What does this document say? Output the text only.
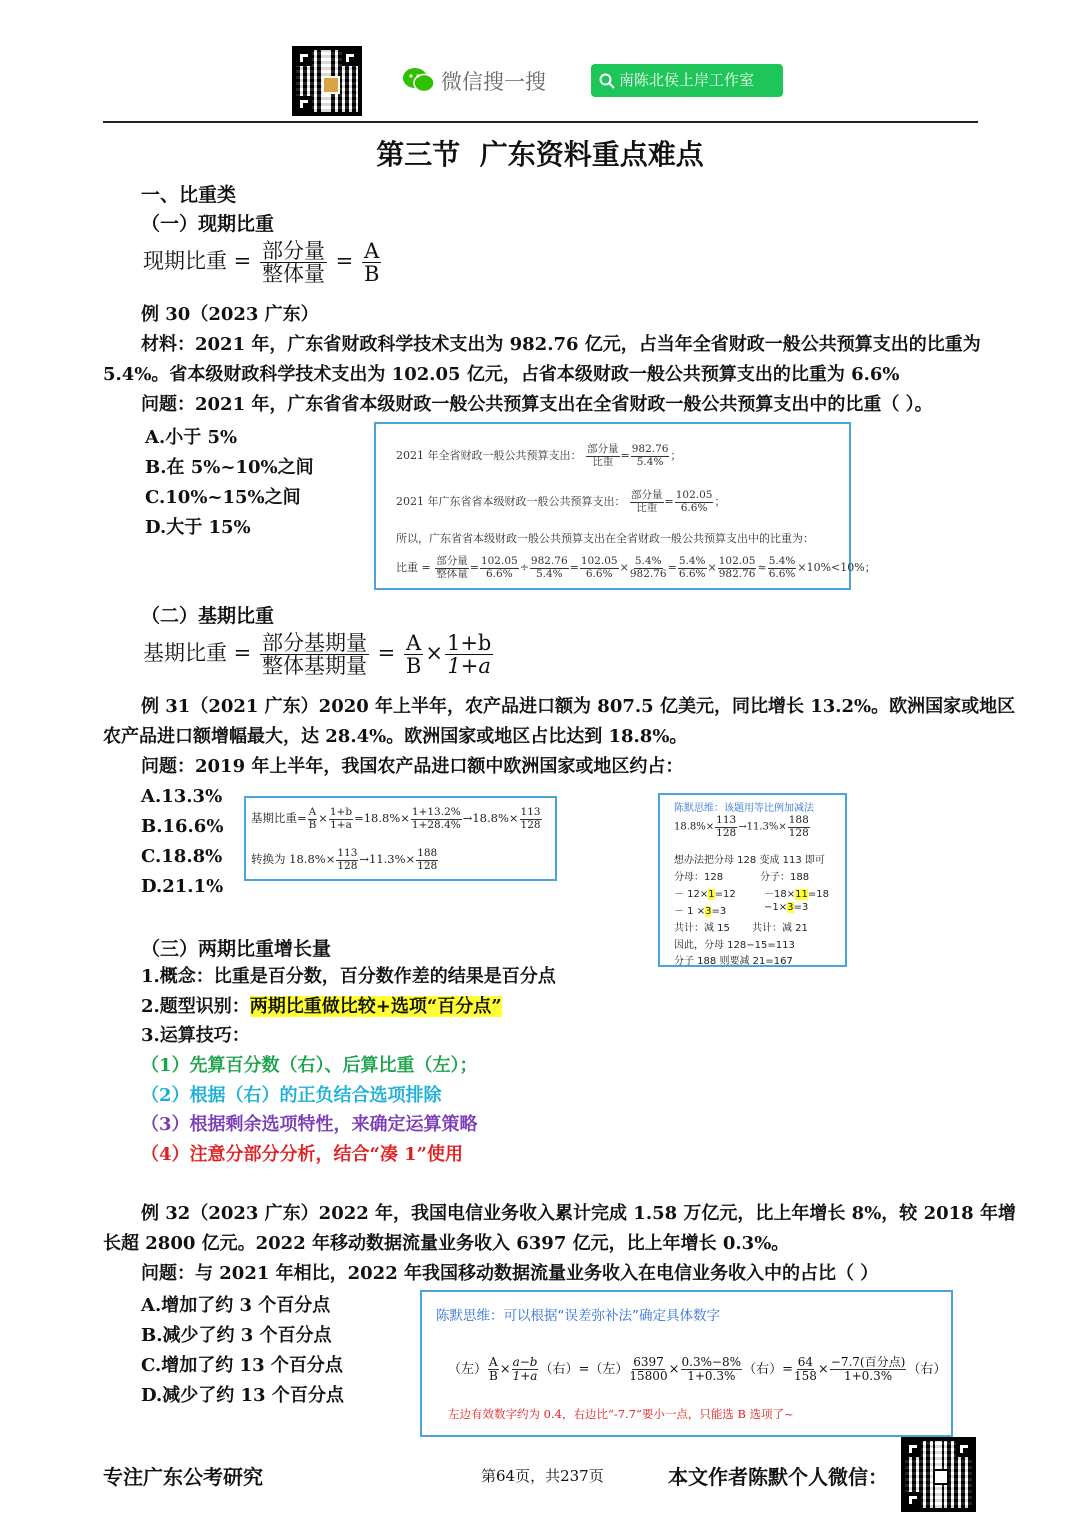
微信搜一搜	南陈北侯上岸工作室
第三节  广东资料重点难点
一、比重类
（一）现期比重
现期比重 = $\frac{\text{部分量}}{\text{整体量}} = \frac{A}{B}$
例 30（2023 广东）
材料：2021 年，广东省财政科学技术支出为 982.76 亿元，占当年全省财政一般公共预算支出的比重为
5.4%。省本级财政科学技术支出为 102.05 亿元，占省本级财政一般公共预算支出的比重为 6.6%
问题：2021 年，广东省省本级财政一般公共预算支出在全省财政一般公共预算支出中的比重（ ）。
A.小于 5%
B.在 5%~10%之间
C.10%~15%之间
D.大于 15%
2021 年全省财政一般公共预算支出：
部分量
比重 = $\frac{982.76}{5.4\%}$ ；
2021 年广东省省本级财政一般公共预算支出：
部分量
比重 = $\frac{102.05}{6.6\%}$ ；
所以，广东省省本级财政一般公共预算支出在全省财政一般公共预算支出中的比重为：
比重 =
部分量
整体量 = $\frac{102.05}{6.6\%} \div \frac{982.76}{5.4\%} = \frac{102.05}{6.6\%} \times \frac{5.4\%}{982.76} = \frac{5.4\%}{6.6\%} \times \frac{102.05}{982.76} \approx \frac{5.4\%}{6.6\%} \times 10\%<10\%$；
（二）基期比重
基期比重 = $\frac{\text{部分基期量}}{\text{整体基期量}} = \frac{A}{B} \times \frac{1+b}{1+a}$
例 31（2021 广东）2020 年上半年，农产品进口额为 807.5 亿美元，同比增长 13.2%。欧洲国家或地区
农产品进口额增幅最大，达 28.4%。欧洲国家或地区占比达到 18.8%。
问题：2019 年上半年，我国农产品进口额中欧洲国家或地区约占：
A.13.3%
B.16.6%
C.18.8%
D.21.1%
基期比重= $\frac{A}{B} \times \frac{1+b}{1+a} =18.8\%\times \frac{1+13.2\%}{1+28.4\%} \to 18.8\%\times \frac{113}{128}$
转换为 $18.8\%\times \frac{113}{128} \to 11.3\%\times \frac{188}{128}$
陈默思维：该题用等比例加减法
$18.8\%\times \frac{113}{128} \to 11.3\%\times \frac{188}{128}$
想办法把分母 128 变成 113 即可
分母：128	分子：188
－ 12×1=12	－18×11=18
－ 1 ×3=3	−1×3=3
共计：减 15 共计：减 21
因此，分母 128−15=113
分子 188 则要减 21=167
（三）两期比重增长量
1.概念：比重是百分数，百分数作差的结果是百分点
2.题型识别：两期比重做比较+选项“百分点”
3.运算技巧：
（1）先算百分数（右）、后算比重（左）；
（2）根据（右）的正负结合选项排除
（3）根据剩余选项特性，来确定运算策略
（4）注意分部分分析，结合“凑 1”使用
例 32（2023 广东）2022 年，我国电信业务收入累计完成 1.58 万亿元，比上年增长 8%，较 2018 年增
长超 2800 亿元。2022 年移动数据流量业务收入 6397 亿元，比上年增长 0.3%。
问题：与 2021 年相比，2022 年我国移动数据流量业务收入在电信业务收入中的占比（ ）
A.增加了约 3 个百分点
B.减少了约 3 个百分点
C.增加了约 13 个百分点
D.减少了约 13 个百分点
陈默思维：可以根据“误差弥补法”确定具体数字
（左） $\frac{A}{B} \times \frac{a-b}{1+a}$ （右）=（左） $\frac{6397}{15800} \times \frac{0.3\%-8\%}{1+0.3\%}$ （右）= $\frac{64}{158}$ ×
−7.7(百分点)
1+0.3% （右）
左边有效数字约为 0.4，右边比“-7.7”要小一点，只能选 B 选项了~
专注广东公考研究	第64页，共237页	本文作者陈默个人微信：
